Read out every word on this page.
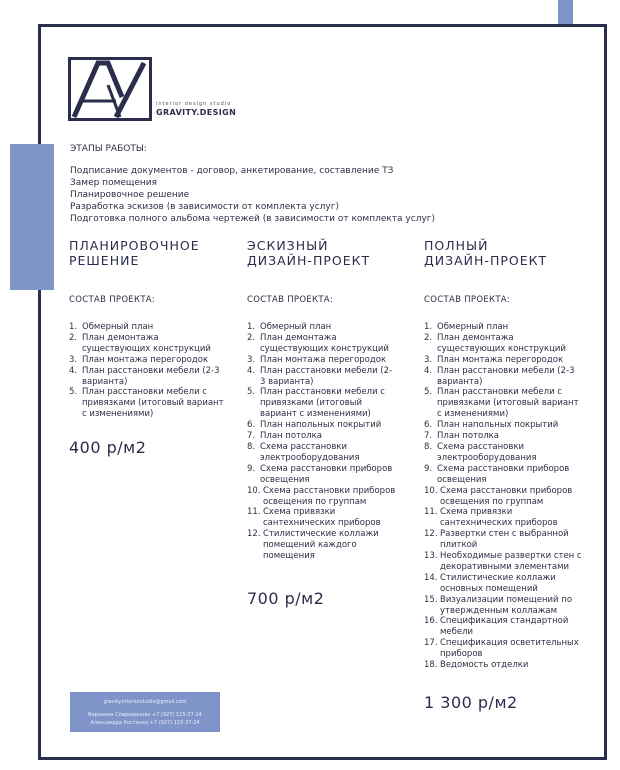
interior design studio
GRAVITY.DESIGN
ЭТАПЫ РАБОТЫ:
Подписание документов - договор, анкетирование, составление ТЗ
Замер помещения
Планировочное решение
Разработка эскизов (в зависимости от комплекта услуг)
Подготовка полного альбома чертежей (в зависимости от комплекта услуг)
ПЛАНИРОВОЧНОЕ
РЕШЕНИЕ
СОСТАВ ПРОЕКТА:
1. Обмерный план
2. План демонтажа существующих конструкций
3. План монтажа перегородок
4. План расстановки мебели (2-3 варианта)
5. План расстановки мебели с привязками (итоговый вариант с изменениями)
400 р/м2
ЭСКИЗНЫЙ
ДИЗАЙН-ПРОЕКТ
СОСТАВ ПРОЕКТА:
1. Обмерный план
2. План демонтажа существующих конструкций
3. План монтажа перегородок
4. План расстановки мебели (2-3 варианта)
5. План расстановки мебели с привязками (итоговый вариант с изменениями)
6. План напольных покрытий
7. План потолка
8. Схема расстановки электрооборудования
9. Схема расстановки приборов освещения
10. Схема расстановки приборов освещения по группам
11. Схема привязки сантехнических приборов
12. Стилистические коллажи помещений каждого помещения
700 р/м2
ПОЛНЫЙ
ДИЗАЙН-ПРОЕКТ
СОСТАВ ПРОЕКТА:
1. Обмерный план
2. План демонтажа существующих конструкций
3. План монтажа перегородок
4. План расстановки мебели (2-3 варианта)
5. План расстановки мебели с привязками (итоговый вариант с изменениями)
6. План напольных покрытий
7. План потолка
8. Схема расстановки электрооборудования
9. Схема расстановки приборов освещения
10. Схема расстановки приборов освещения по группам
11. Схема привязки сантехнических приборов
12. Развертки стен с выбранной плиткой
13. Необходимые развертки стен с декоративными элементами
14. Стилистические коллажи основных помещений
15. Визуализации помещений по утвержденным коллажам
16. Спецификация стандартной мебели
17. Спецификация осветительных приборов
18. Ведомость отделки
1 300 р/м2
gravity.interiorstudio@gmail.com
Вероника Спиридонова +7 (927) 115-37-24
Александра Костенко +7 (927) 115-37-24
